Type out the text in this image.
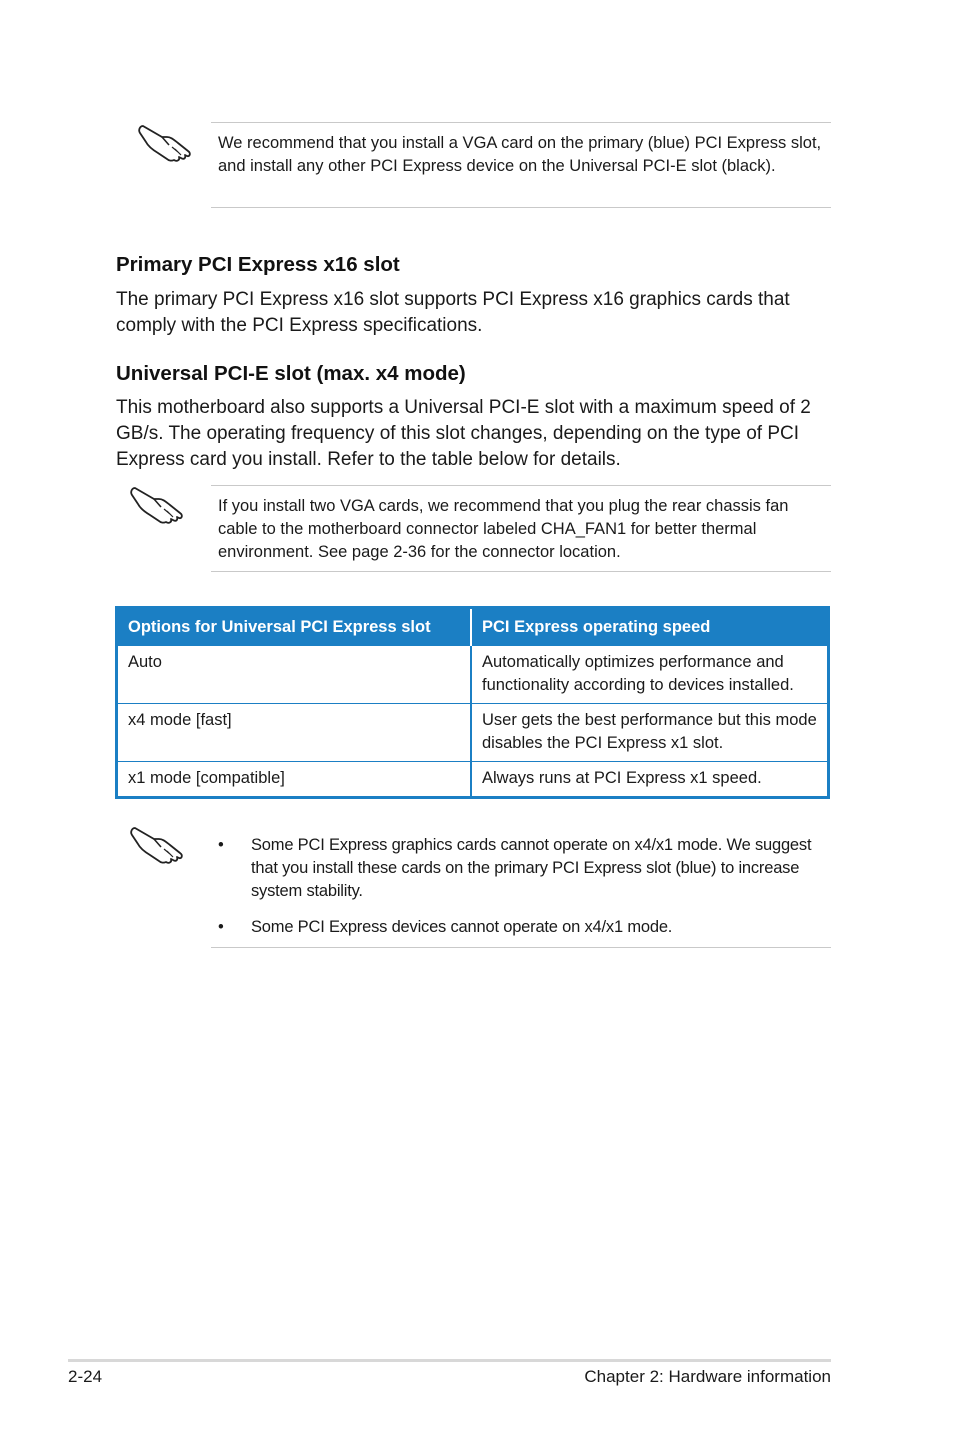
We recommend that you install a VGA card on the primary (blue) PCI Express slot, and install any other PCI Express device on the Universal PCI-E slot (black).
Primary PCI Express x16 slot

The primary PCI Express x16 slot supports PCI Express x16 graphics cards that comply with the PCI Express specifications.

Universal PCI-E slot (max. x4 mode)

This motherboard also supports a Universal PCI-E slot with a maximum speed of 2 GB/s. The operating frequency of this slot changes, depending on the type of PCI Express card you install. Refer to the table below for details.

If you install two VGA cards, we recommend that you plug the rear chassis fan cable to the motherboard connector labeled CHA_FAN1 for better thermal environment. See page 2-36 for the connector location.
Options for Universal PCI Express slot	PCI Express operating speed
Auto	Automatically optimizes performance and functionality according to devices installed.
x4 mode [fast]	User gets the best performance but this mode disables the PCI Express x1 slot.
x1 mode [compatible]	Always runs at PCI Express x1 speed.
• Some PCI Express graphics cards cannot operate on x4/x1 mode. We suggest that you install these cards on the primary PCI Express slot (blue) to increase system stability.
• Some PCI Express devices cannot operate on x4/x1 mode.
2-24	Chapter 2: Hardware information
